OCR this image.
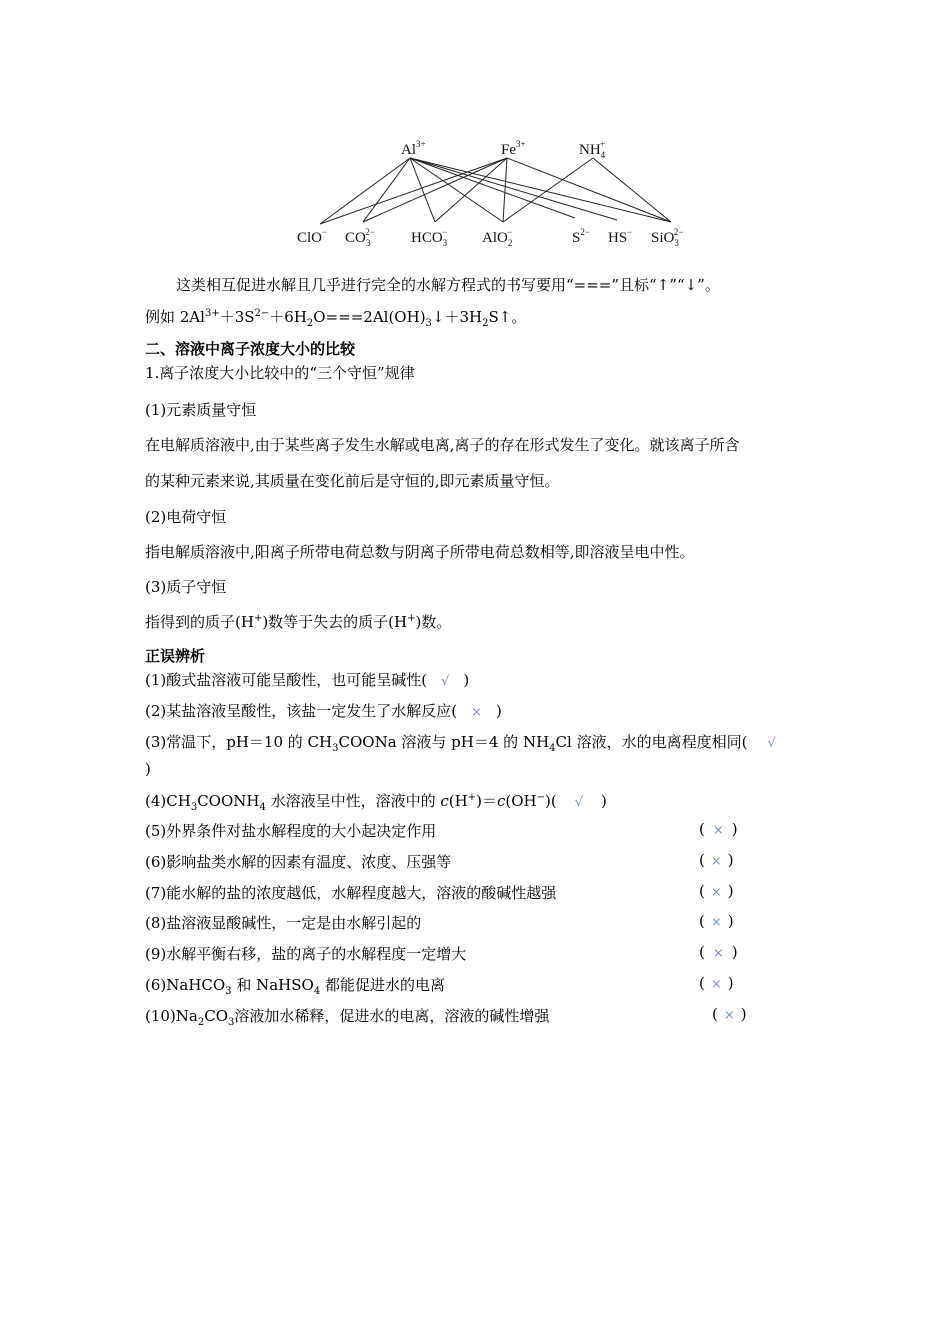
$Al^{3+}$	$Fe^{3+}$	$NH_4+$
ClO− $CO_32- HCO_3- AlO_2-$	$S^{2-}$ HS− SiO$_3$2−
这类相互促进水解且几乎进行完全的水解方程式的书写要用“===”且标“↑”“↓”。
例如 $2Al^{3+}+3S^{2-}+6H_2O===2Al(OH)_3↓+3H_2S↑$。
二、溶液中离子浓度大小的比较
1.离子浓度大小比较中的“三个守恒”规律
(1)元素质量守恒
在电解质溶液中,由于某些离子发生水解或电离,离子的存在形式发生了变化。就该离子所含
的某种元素来说,其质量在变化前后是守恒的,即元素质量守恒。
(2)电荷守恒
指电解质溶液中,阳离子所带电荷总数与阴离子所带电荷总数相等,即溶液呈电中性。
(3)质子守恒
指得到的质子(H+)数等于失去的质子(H+)数。
正误辨析
(1)酸式盐溶液可能呈酸性，也可能呈碱性( √ )
(2)某盐溶液呈酸性，该盐一定发生了水解反应( × )
(3)常温下，pH＝10 的 $CH_3COONa$ 溶液与 pH＝4 的 $NH_4Cl$ 溶液，水的电离程度相同( √
)
$(4)CH_3COONH_4$ 水溶液呈中性，溶液中的 c(H+)＝c(OH−)( √ )
(5)外界条件对盐水解程度的大小起决定作用	( × )
(6)影响盐类水解的因素有温度、浓度、压强等	( × )
(7)能水解的盐的浓度越低，水解程度越大，溶液的酸碱性越强	( × )
(8)盐溶液显酸碱性，一定是由水解引起的	( × )
(9)水解平衡右移，盐的离子的水解程度一定增大	( × )
(6)NaHCO$_3$ 和 NaHSO$_4$ 都能促进水的电离	( × )
$(10)Na_2CO_3$溶液加水稀释，促进水的电离，溶液的碱性增强	( × )
